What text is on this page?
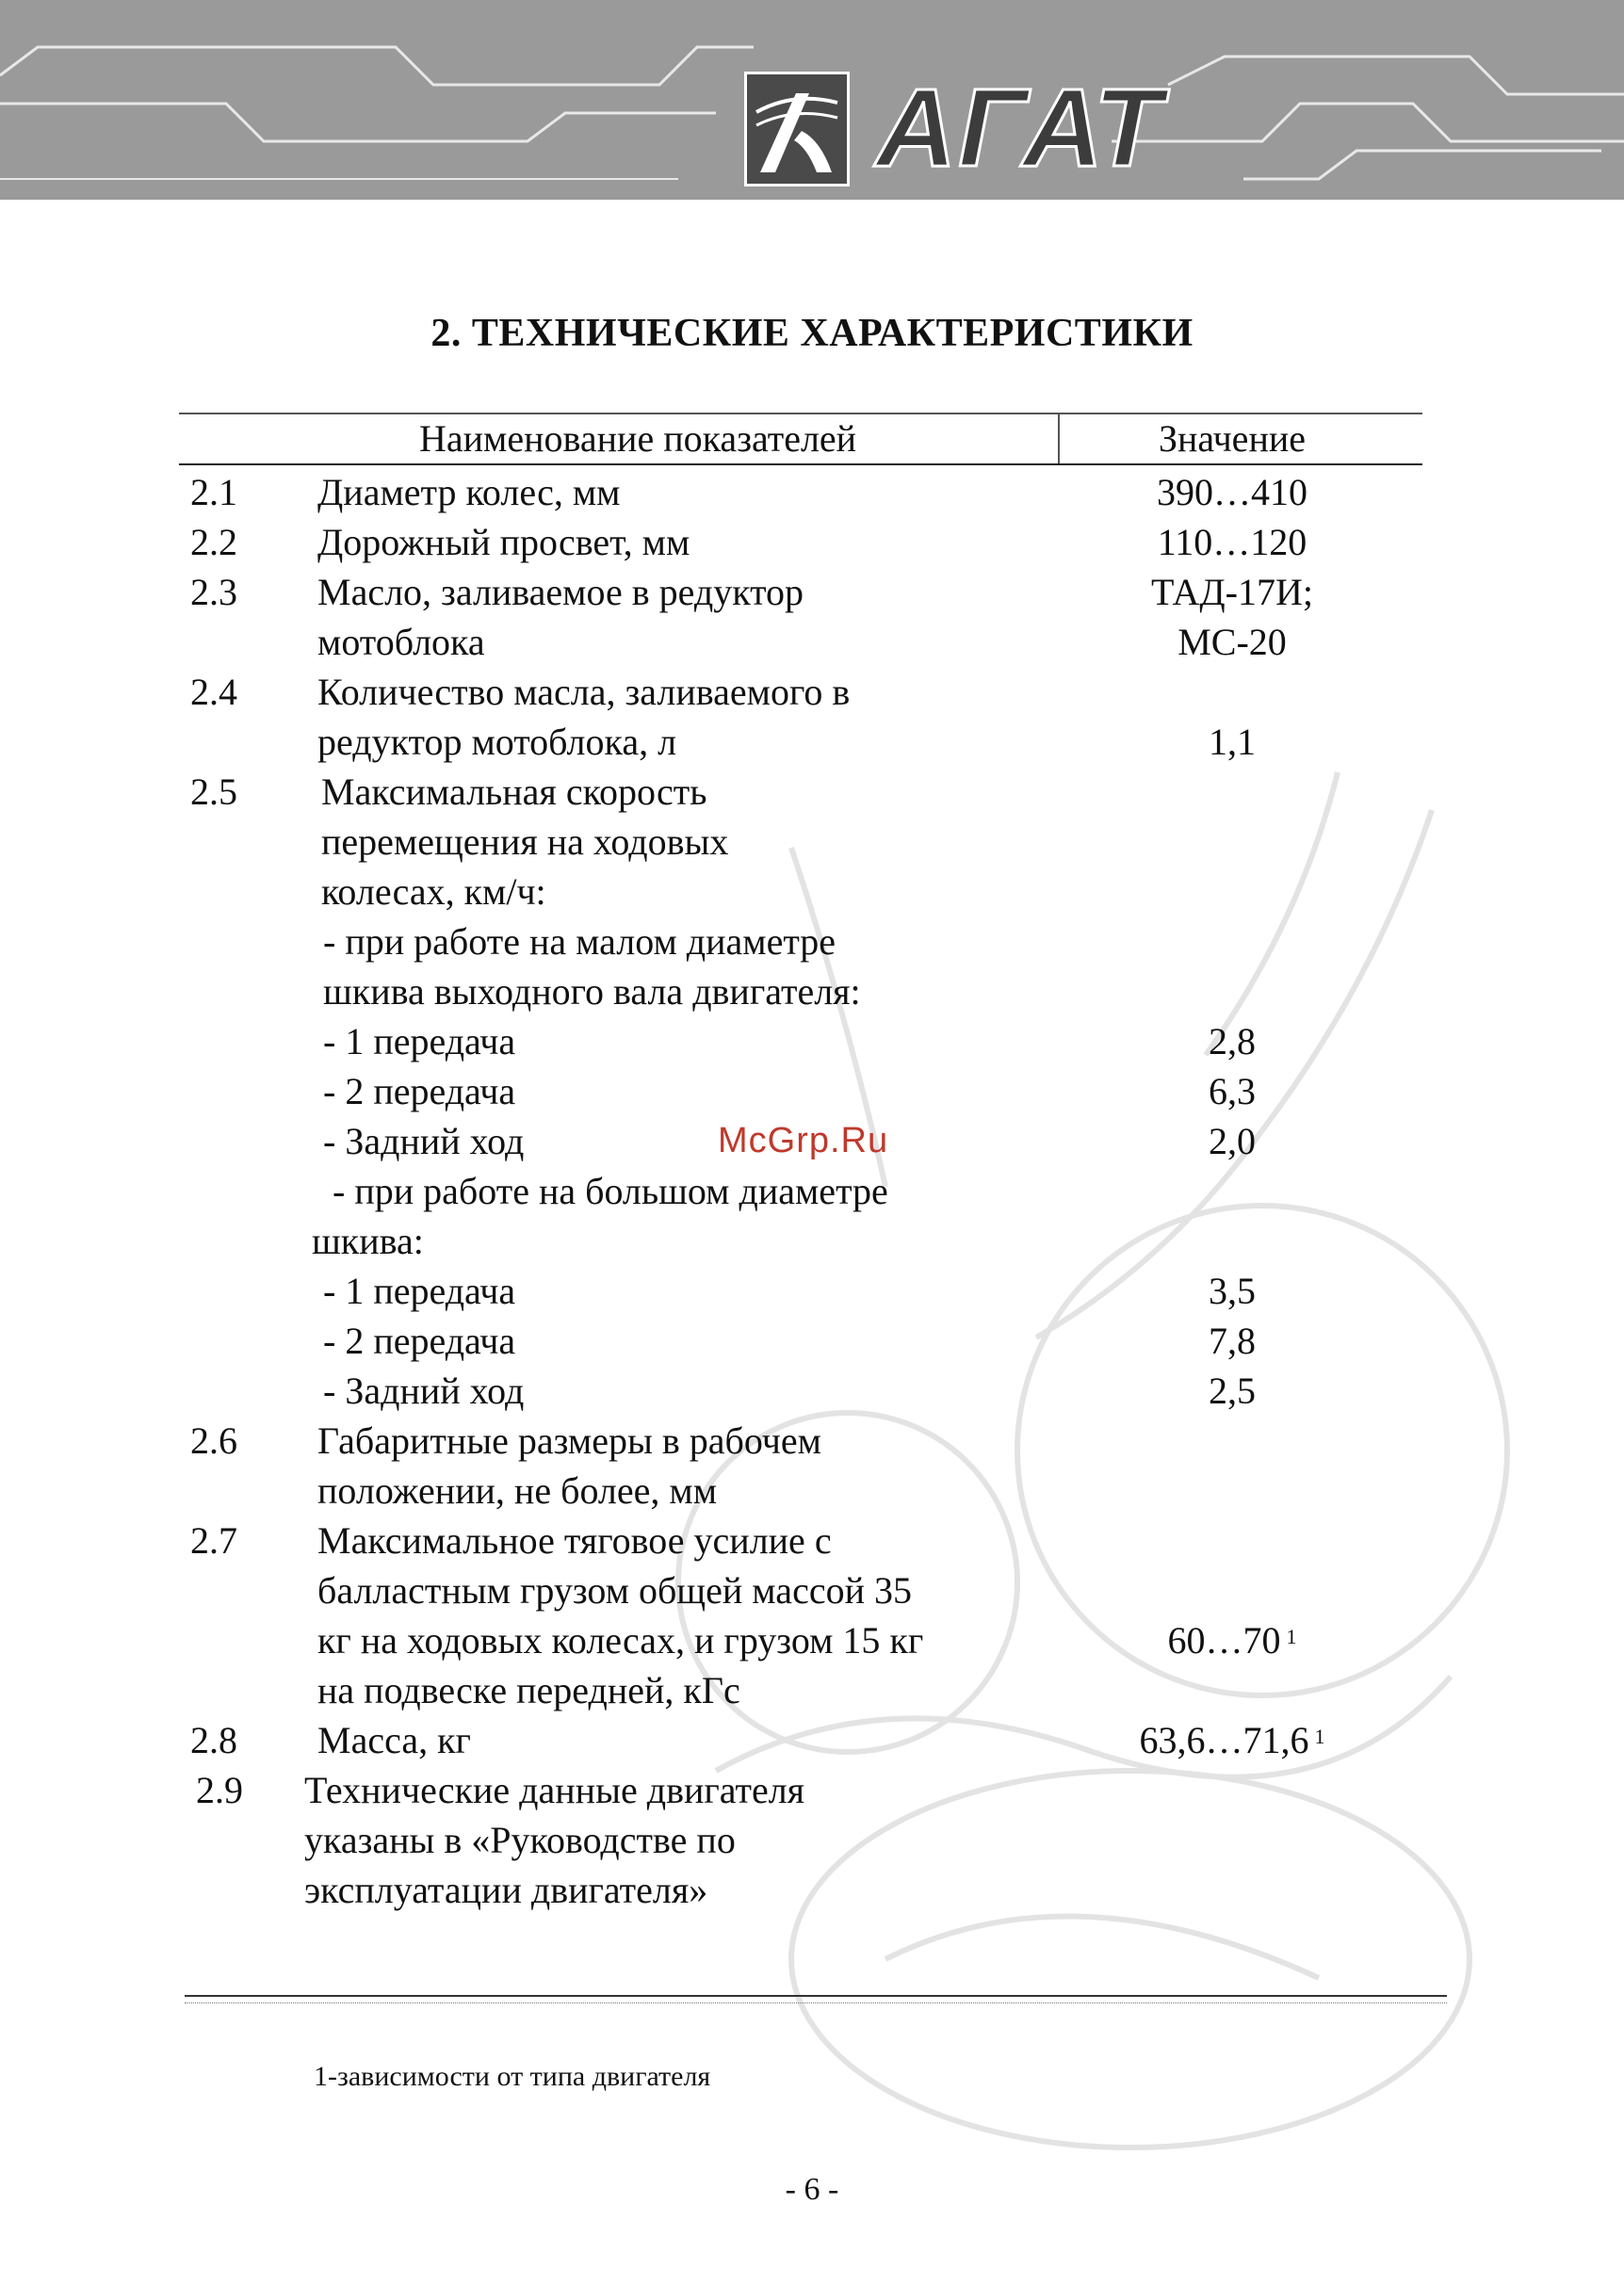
АГАТ
2. ТЕХНИЧЕСКИЕ ХАРАКТЕРИСТИКИ
Наименование показателей	Значение
2.1 Диаметр колес, мм	390…410
2.2 Дорожный просвет, мм	110…120
2.3 Масло, заливаемое в редуктор	ТАД-17И;
мотоблока	МС-20
2.4 Количество масла, заливаемого в
редуктор мотоблока, л	1,1
2.5 Максимальная скорость
перемещения на ходовых
колесах, км/ч:
- при работе на малом диаметре
шкива выходного вала двигателя:
- 1 передача	2,8
- 2 передача	6,3
- Задний ход	2,0
- при работе на большом диаметре
шкива:
- 1 передача	3,5
- 2 передача	7,8
- Задний ход	2,5
2.6 Габаритные размеры в рабочем
положении, не более, мм
2.7 Максимальное тяговое усилие с
балластным грузом общей массой 35
кг на ходовых колесах, и грузом 15 кг	60…70 $^1$
на подвеске передней, кГс
2.8 Масса, кг	63,6…71,6 $^1$
2.9 Технические данные двигателя
указаны в «Руководстве по
эксплуатации двигателя»
McGrp.Ru
1-зависимости от типа двигателя
- 6 -
